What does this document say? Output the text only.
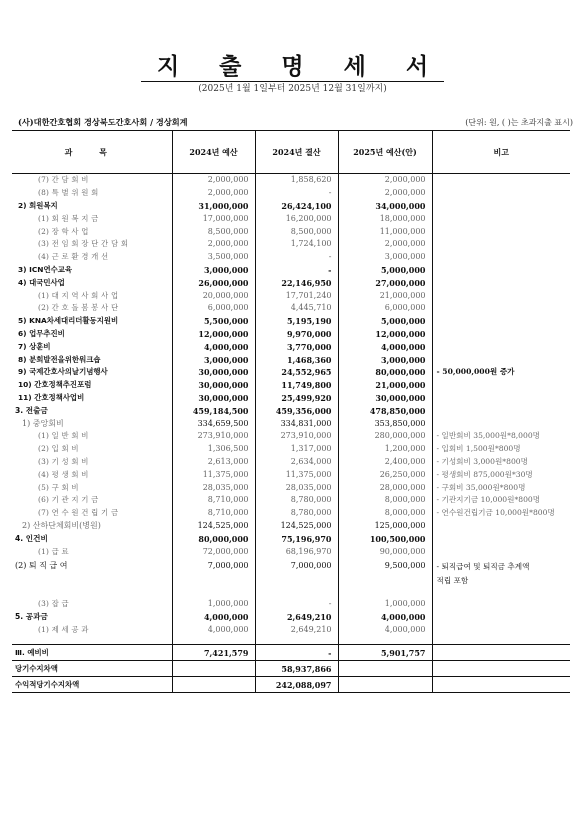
지 출 명 세 서
(2025년 1월 1일부터 2025년 12월 31일까지)
(사)대한간호협회 경상북도간호사회 / 경상회계	(단위: 원, ( )는 초과지출 표시)
과 목	2024년 예산	2024년 결산	2025년 예산(안)	비고
(7) 간 담 회 비	2,000,000	1,858,620	2,000,000	
(8) 특 별 위 원 회	2,000,000	-	2,000,000	
2) 회원복지	31,000,000	26,424,100	34,000,000	
(1) 회 원 복 지 금	17,000,000	16,200,000	18,000,000	
(2) 장 학 사 업	8,500,000	8,500,000	11,000,000	
(3) 전 임 회 장 단 간 담 회	2,000,000	1,724,100	2,000,000	
(4) 근 로 환 경 개 선	3,500,000	-	3,000,000	
3) ICN연수교육	3,000,000	-	5,000,000	
4) 대국민사업	26,000,000	22,146,950	27,000,000	
(1) 대 지 역 사 회 사 업	20,000,000	17,701,240	21,000,000	
(2) 간 호 돌 봄 봉 사 단	6,000,000	4,445,710	6,000,000	
5) KNA차세대리더활동지원비	5,500,000	5,195,190	5,000,000	
6) 업무추진비	12,000,000	9,970,000	12,000,000	
7) 상훈비	4,000,000	3,770,000	4,000,000	
8) 분회발전을위한워크숍	3,000,000	1,468,360	3,000,000	
9) 국제간호사의날기념행사	30,000,000	24,552,965	80,000,000	- 50,000,000원 증가
10) 간호정책추진포럼	30,000,000	11,749,800	21,000,000	
11) 간호정책사업비	30,000,000	25,499,920	30,000,000	
3. 전출금	459,184,500	459,356,000	478,850,000	
1) 중앙회비	334,659,500	334,831,000	353,850,000	
(1) 일 반 회 비	273,910,000	273,910,000	280,000,000	- 일반회비 35,000원*8,000명
(2) 입 회 비	1,306,500	1,317,000	1,200,000	- 입회비 1,500원*800명
(3) 기 성 회 비	2,613,000	2,634,000	2,400,000	- 기성회비 3,000원*800명
(4) 평 생 회 비	11,375,000	11,375,000	26,250,000	- 평생회비 875,000원*30명
(5) 구 회 비	28,035,000	28,035,000	28,000,000	- 구회비 35,000원*800명
(6) 기 관 지 기 금	8,710,000	8,780,000	8,000,000	- 기관지기금 10,000원*800명
(7) 연 수 원 건 립 기 금	8,710,000	8,780,000	8,000,000	- 연수원건립기금 10,000원*800명
2) 산하단체회비(병원)	124,525,000	124,525,000	125,000,000	
4. 인건비	80,000,000	75,196,970	100,500,000	
(1) 급 료	72,000,000	68,196,970	90,000,000	
(2) 퇴 직 급 여	7,000,000	7,000,000	9,500,000	- 퇴직급여 및 퇴직금 추계액
적립 포함
(3) 잡 급	1,000,000	-	1,000,000	
5. 공과금	4,000,000	2,649,210	4,000,000	
(1) 제 세 공 과	4,000,000	2,649,210	4,000,000	

Ⅲ. 예비비	7,421,579	-	5,901,757	
당기수지차액		58,937,866		
수익적당기수지차액		242,088,097		
